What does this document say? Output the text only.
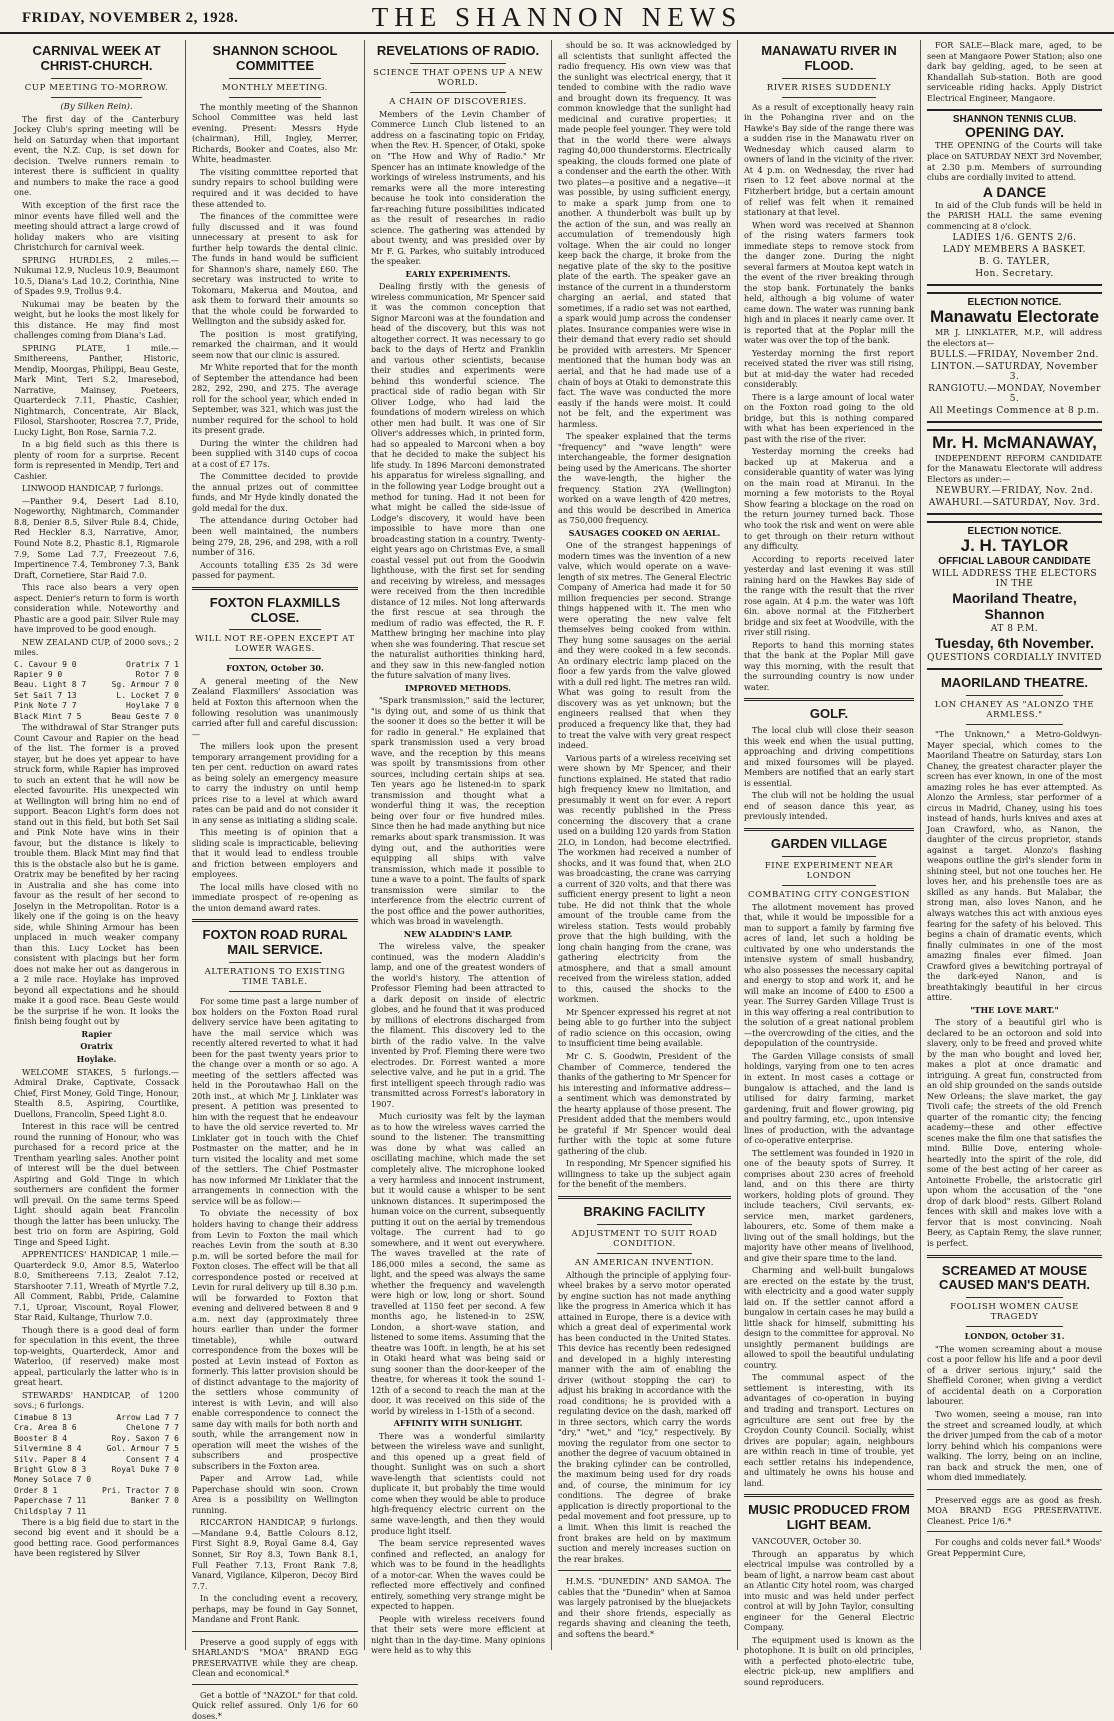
FRIDAY, NOVEMBER 2, 1928.	THE SHANNON NEWS
CARNIVAL WEEK AT CHRIST-CHURCH.
CUP MEETING TO-MORROW.
(By Silken Rein).
The first day of the Canterbury Jockey Club's spring meeting will be held on Saturday when that important event, the N.Z. Cup, is set down for decision. Twelve runners remain to interest there is sufficient in quality and numbers to make the race a good one.
With exception of the first race the minor events have filled well and the meeting should attract a large crowd of holiday makers who are visiting Christchurch for carnival week.
SPRING HURDLES, 2 miles.—Nukumai 12.9, Nucleus 10.9, Beaumont 10.5, Diana's Lad 10.2, Corinthia, Nine of Spades 9.9, Trollus 9.4.
Nukumai may be beaten by the weight, but he looks the most likely for this distance. He may find most challenges coming from Diana's Lad.
SPRING PLATE, 1 mile.—Smithereens, Panther, Historic, Mendip, Moorgas, Philippi, Beau Geste, Mark Mint, Teri S.2, Imaresebod, Narrative, Mainsey, Poeteers, Quarterdeck 7.11, Phastic, Cashier, Nightmarch, Concentrate, Air Black, Filosol, Starshooter, Roscrea 7.7, Pride, Lucky Light, Bon Rose, Sarnia 7.2.
In a big field such as this there is plenty of room for a surprise. Recent form is represented in Mendip, Teri and Cashier.
LINWOOD HANDICAP, 7 furlongs.
—Panther 9.4, Desert Lad 8.10, Nogeworthy, Nightmarch, Commander 8.8, Denier 8.5, Silver Rule 8.4, Chide, Red Heckler 8.3, Narrative, Amor, Found Note 8.2, Phastic 8.1, Rigmarole 7.9, Some Lad 7.7, Freezeout 7.6, Impertinence 7.4, Tembroney 7.3, Bank Draft, Cornetiere, Star Raid 7.0.
This race also bears a very open aspect. Denier's return to form is worth consideration while. Noteworthy and Phastic are a good pair. Silver Rule may have improved to be good enough.
NEW ZEALAND CUP, of 2000 sovs.; 2 miles.
C. Cavour 9 0	Oratrix 7 1
Rapier 9 0	Rotor 7 0
Beau. Light 8 7	Sg. Armour 7 0
Set Sail 7 13	L. Locket 7 0
Pink Note 7 7	Hoylake 7 0
Black Mint 7 5	Beau Geste 7 0
The withdrawal of Star Stranger puts Count Cavour and Rapier on the head of the list. The former is a proved stayer, but he does yet appear to have struck form, while Rapier has improved to such an extent that he will now be elected favourite. His unexpected win at Wellington will bring him no end of support. Beacon Light's form does not stand out in this field, but both Set Sail and Pink Note have wins in their favour, but the distance is likely to trouble them. Black Mint may find that this is the obstacle also but he is game. Oratrix may be benefited by her racing in Australia and she has come into favour as the result of her second to Joselyn in the Metropolitan. Rotor is a likely one if the going is on the heavy side, while Shining Armour has been unplaced in much weaker company than this. Lucy Locket has been consistent with placings but her form does not make her out as dangerous in a 2 mile race. Hoylake has improved beyond all expectations and he should make it a good race. Beau Geste would be the surprise if he won. It looks the finish being fought out by
Rapier
Oratrix
Hoylake.
WELCOME STAKES, 5 furlongs.—Admiral Drake, Captivate, Cossack Chief, First Money, Gold Tinge, Honour, Stealth 8.5, Aspiring, Courtlike, Duellons, Francolin, Speed Light 8.0.
Interest in this race will be centred round the running of Honour, who was purchased for a record price at the Trentham yearling sales. Another point of interest will be the duel between Aspiring and Gold Tinge in which southerners are confident the former will prevail. On the same terms Speed Light should again beat Francolin though the latter has been unlucky. The best trio on form are Aspiring, Gold Tinge and Speed Light.
APPRENTICES' HANDICAP, 1 mile.—Quarterdeck 9.0, Amor 8.5, Waterloo 8.0, Smithereens 7.13, Zealot 7.12, Starshooter 7.11, Wreath of Myrtle 7.2, All Comment, Rabbi, Pride, Calamine 7.1, Uproar, Viscount, Royal Flower, Star Raid, Kultange, Thurlow 7.0.
Though there is a good deal of form for speculation in this event, the three top-weights, Quarterdeck, Amor and Waterloo, (if reserved) make most appeal, particularly the latter who is in great heart.
STEWARDS' HANDICAP, of 1200 sovs.; 6 furlongs.
Cimabue 8 13	Arrow Lad 7 7
Cra. Area 8 6	Chelone 7 7
Booster 8 4	Roy. Saxon 7 6
Silvermine 8 4	Gol. Armour 7 5
Silv. Paper 8 4	Consent 7 4
Bright Glow 8 3	Royal Duke 7 0
Money Solace 7 0
Order 8 1	Pri. Tractor 7 0
Paperchase 7 11	Banker 7 0
Childsplay 7 11
There is a big field due to start in the second big event and it should be a good betting race. Good performances have been registered by Silver
SHANNON SCHOOL COMMITTEE
MONTHLY MEETING.
The monthly meeting of the Shannon School Committee was held last evening. Present: Messrs Hyde (chairman), Hill, Ingley, Merrer, Richards, Booker and Coates, also Mr. White, headmaster.
The visiting committee reported that sundry repairs to school building were required and it was decided to have these attended to.
The finances of the committee were fully discussed and it was found unnecessary at present to ask for further help towards the dental clinic. The funds in hand would be sufficient for Shannon's share, namely £60. The secretary was instructed to write to Tokomaru, Makerua and Moutoa, and ask them to forward their amounts so that the whole could be forwarded to Wellington and the subsidy asked for.
The position is most gratifying, remarked the chairman, and it would seem now that our clinic is assured.
Mr White reported that for the month of September the attendance had been 282, 292, 290, and 275. The average roll for the school year, which ended in September, was 321, which was just the number required for the school to hold its present grade.
During the winter the children had been supplied with 3140 cups of cocoa at a cost of £7 17s.
The Committee decided to provide the annual prizes out of committee funds, and Mr Hyde kindly donated the gold medal for the dux.
The attendance during October had been well maintained, the numbers being 279, 28, 296, and 298, with a roll number of 316.
Accounts totalling £35 2s 3d were passed for payment.
FOXTON FLAXMILLS CLOSE.
WILL NOT RE-OPEN EXCEPT AT LOWER WAGES.
FOXTON, October 30.
A general meeting of the New Zealand Flaxmillers' Association was held at Foxton this afternoon when the following resolution was unanimously carried after full and careful discussion:—
The millers look upon the present temporary arrangement providing for a ten per cent. reduction on award rates as being solely an emergency measure to carry the industry on until hemp prices rise to a level at which award rates can be paid and do not consider it in any sense as initiating a sliding scale.
This meeting is of opinion that a sliding scale is impracticable, believing that it would lead to endless trouble and friction between employers and employees.
The local mills have closed with no immediate prospect of re-opening as the union demand award rates.
FOXTON ROAD RURAL MAIL SERVICE.
ALTERATIONS TO EXISTING TIME TABLE.
For some time past a large number of box holders on the Foxton Road rural delivery service have been agitating to have the mail service which was recently altered reverted to what it had been for the past twenty years prior to the change over a month or so ago. A meeting of the settlers affected was held in the Poroutawhao Hall on the 20th inst., at which Mr J. Linklater was present. A petition was presented to him with the request that he endeavour to have the old service reverted to. Mr Linklater got in touch with the Chief Postmaster on the matter, and he in turn visited the locality and met some of the settlers. The Chief Postmaster has now informed Mr Linklater that the arrangements in connection with the service will be as follow:—
To obviate the necessity of box holders having to change their address from Levin to Foxton the mail which reaches Levin from the south at 8.30 p.m. will be sorted before the mail for Foxton closes. The effect will be that all correspondence posted or received at Levin for rural delivery up till 8.30 p.m. will be forwarded to Foxton that evening and delivered between 8 and 9 a.m. next day (approximately three hours earlier than under the former timetable), while outward correspondence from the boxes will be posted at Levin instead of Foxton as formerly. This latter provision should be of distinct advantage to the majority of the settlers whose community of interest is with Levin, and will also enable correspondence to connect the same day with mails for both north and south, while the arrangement now in operation will meet the wishes of the subscribers and prospective subscribers in the Foxton area.
Paper and Arrow Lad, while Paperchase should win soon. Crown Area is a possibility on Wellington running.
RICCARTON HANDICAP, 9 furlongs.—Mandane 9.4, Battle Colours 8.12, First Sight 8.9, Royal Game 8.4, Gay Sonnet, Sir Roy 8.3, Town Bank 8.1, Full Feather 7.13, Front Rank 7.8, Vanard, Vigilance, Kilperon, Decoy Bird 7.7.
In the concluding event a recovery, perhaps, may be found in Gay Sonnet, Mandane and Front Rank.
Preserve a good supply of eggs with SHARLAND'S "MOA" BRAND EGG PRESERVATIVE while they are cheap. Clean and economical.*
Get a bottle of "NAZOL" for that cold. Quick relief assured. Only 1/6 for 60 doses.*
REVELATIONS OF RADIO.
SCIENCE THAT OPENS UP A NEW WORLD.
A CHAIN OF DISCOVERIES.
Members of the Levin Chamber of Commerce Lunch Club listened to an address on a fascinating topic on Friday, when the Rev. H. Spencer, of Otaki, spoke on "The How and Why of Radio." Mr Spencer has an intimate knowledge of the workings of wireless instruments, and his remarks were all the more interesting because he took into consideration the far-reaching future possibilities indicated as the result of researches in radio science. The gathering was attended by about twenty, and was presided over by Mr F. G. Parkes, who suitably introduced the speaker.
EARLY EXPERIMENTS.
Dealing firstly with the genesis of wireless communication, Mr Spencer said it was the common conception that Signor Marconi was at the foundation and head of the discovery, but this was not altogether correct. It was necessary to go back to the days of Hertz and Franklin and various other scientists, because their studies and experiments were behind this wonderful science. The practical side of radio began with Sir Oliver Lodge, who had laid the foundations of modern wireless on which other men had built. It was one of Sir Oliver's addresses which, in printed form, had so appealed to Marconi when a boy that he decided to make the subject his life study. In 1896 Marconi demonstrated his apparatus for wireless signalling, and in the following year Lodge brought out a method for tuning. Had it not been for what might be called the side-issue of Lodge's discovery, it would have been impossible to have more than one broadcasting station in a country. Twenty-eight years ago on Christmas Eve, a small coastal vessel put out from the Goodwin lighthouse, with the first set for sending and receiving by wireless, and messages were received from the then incredible distance of 12 miles. Not long afterwards the first rescue at sea through the medium of radio was effected, the R. F. Matthew bringing her machine into play when she was foundering. That rescue set the naturalist authorities thinking hard, and they saw in this new-fangled notion the future salvation of many lives.
IMPROVED METHODS.
"Spark transmission," said the lecturer, "is dying out, and some of us think that the sooner it does so the better it will be for radio in general." He explained that spark transmission used a very broad wave, and the reception by this means was spoilt by transmissions from other sources, including certain ships at sea. Ten years ago he listened-in to spark transmission and thought what a wonderful thing it was, the reception being over four or five hundred miles. Since then he had made anything but nice remarks about spark transmission. It was dying out, and the authorities were equipping all ships with valve transmission, which made it possible to tune a wave to a point. The faults of spark transmission were similar to the interference from the electric current of the post office and the power authorities, which was broad in wavelength.
NEW ALADDIN'S LAMP.
The wireless valve, the speaker continued, was the modern Aladdin's lamp, and one of the greatest wonders of the world's history. The attention of Professor Fleming had been attracted to a dark deposit on inside of electric globes, and he found that it was produced by millions of electrons discharged from the filament. This discovery led to the birth of the radio valve. In the valve invented by Prof. Fleming there were two electrodes. Dr. Forrest wanted a more selective valve, and he put in a grid. The first intelligent speech through radio was transmitted across Forrest's laboratory in 1907.
Much curiosity was felt by the layman as to how the wireless waves carried the sound to the listener. The transmitting was done by what was called an oscillating machine, which made the set completely alive. The microphone looked a very harmless and innocent instrument, but it would cause a whisper to be sent unknown distances. It superimposed the human voice on the current, subsequently putting it out on the aerial by tremendous voltage. The current had to go somewhere, and it went out everywhere. The waves travelled at the rate of 186,000 miles a second, the same as light, and the speed was always the same whether the frequency and wavelength were high or low, long or short. Sound travelled at 1150 feet per second. A few months ago, he listened-in to 2SW, London, a short-wave station, and listened to some items. Assuming that the theatre was 100ft. in length, he at his set in Otaki heard what was being said or sung sooner than the door-keeper of the theatre, for whereas it took the sound 1-12th of a second to reach the man at the door, it was received on this side of the world by wireless in 1-15th of a second.
AFFINITY WITH SUNLIGHT.
There was a wonderful similarity between the wireless wave and sunlight, and this opened up a great field of thought. Sunlight was on such a short wave-length that scientists could not duplicate it, but probably the time would come when they would be able to produce high-frequency electric current on the same wave-length, and then they would produce light itself.
The beam service represented waves confined and reflected, an analogy for which was to be found in the headlights of a motor-car. When the waves could be reflected more effectively and confined entirely, something very strange might be expected to happen.
People with wireless receivers found that their sets were more efficient at night than in the day-time. Many opinions were held as to why this
should be so. It was acknowledged by all scientists that sunlight affected the radio frequency. His own view was that the sunlight was electrical energy, that it tended to combine with the radio wave and brought down its frequency. It was common knowledge that the sunlight had medicinal and curative properties; it made people feel younger. They were told that in the world there were always raging 40,000 thunderstorms. Electrically speaking, the clouds formed one plate of a condenser and the earth the other. With two plates—a positive and a negative—it was possible, by using sufficient energy, to make a spark jump from one to another. A thunderbolt was built up by the action of the sun, and was really an accumulation of tremendously high voltage. When the air could no longer keep back the charge, it broke from the negative plate of the sky to the positive plate of the earth. The speaker gave an instance of the current in a thunderstorm charging an aerial, and stated that sometimes, if a radio set was not earthed, a spark would jump across the condenser plates. Insurance companies were wise in their demand that every radio set should be provided with arresters. Mr Spencer mentioned that the human body was an aerial, and that he had made use of a chain of boys at Otaki to demonstrate this fact. The wave was conducted the more easily if the hands were moist. It could not be felt, and the experiment was harmless.
The speaker explained that the terms "frequency" and "wave length" were interchangeable, the former designation being used by the Americans. The shorter the wave-length, the higher the frequency. Station 2YA (Wellington) worked on a wave length of 420 metres, and this would be described in America as 750,000 frequency.
SAUSAGES COOKED ON AERIAL.
One of the strangest happenings of modern times was the invention of a new valve, which would operate on a wave-length of six metres. The General Electric Company of America had made it for 50 million frequencies per second. Strange things happened with it. The men who were operating the new valve felt themselves being cooked from within. They hung some sausages on the aerial and they were cooked in a few seconds. An ordinary electric lamp placed on the floor a few yards from the valve glowed with a dull red light. The metres ran wild. What was going to result from the discovery was as yet unknown; but the engineers realised that when they produced a frequency like that, they had to treat the valve with very great respect indeed.
Various parts of a wireless receiving set were shown by Mr Spencer, and their functions explained. He stated that radio high frequency knew no limitation, and presumably it went on for ever. A report was recently published in the Press concerning the discovery that a crane used on a building 120 yards from Station 2LO, in London, had become electrified. The workmen had received a number of shocks, and it was found that, when 2LO was broadcasting, the crane was carrying a current of 320 volts, and that there was sufficient energy present to light a neon tube. He did not think that the whole amount of the trouble came from the wireless station. Tests would probably prove that the high building, with the long chain hanging from the crane, was gathering electricity from the atmosphere, and that a small amount received from the wireless station, added to this, caused the shocks to the workmen.
Mr Spencer expressed his regret at not being able to go further into the subject of radio science on this occasion, owing to insufficient time being available.
Mr C. S. Goodwin, President of the Chamber of Commerce, tendered the thanks of the gathering to Mr Spencer for his interesting and informative address—a sentiment which was demonstrated by the hearty applause of those present. The President added that the members would be grateful if Mr Spencer would deal further with the topic at some future gathering of the club.
In responding, Mr Spencer signified his willingness to take up the subject again for the benefit of the members.
BRAKING FACILITY
ADJUSTMENT TO SUIT ROAD CONDITION.
AN AMERICAN INVENTION.
Although the principle of applying four-wheel brakes by a servo motor operated by engine suction has not made anything like the progress in America which it has attained in Europe, there is a device with which a great deal of experimental work has been conducted in the United States. This device has recently been redesigned and developed in a highly interesting manner with the aim of enabling the driver (without stopping the car) to adjust his braking in accordance with the road conditions; he is provided with a regulating device on the dash, marked off in three sectors, which carry the words "dry," "wet," and "icy," respectively. By moving the regulator from one sector to another the degree of vacuum obtained in the braking cylinder can be controlled, the maximum being used for dry roads and, of course, the minimum for icy conditions. The degree of brake application is directly proportional to the pedal movement and foot pressure, up to a limit. When this limit is reached the front brakes are held on by maximum suction and merely increases suction on the rear brakes.
H.M.S. "DUNEDIN" AND SAMOA. The cables that the "Dunedin" when at Samoa was largely patronised by the bluejackets and their shore friends, especially as regards shaving and cleaning the teeth, and softens the beard.*
MANAWATU RIVER IN FLOOD.
RIVER RISES SUDDENLY
As a result of exceptionally heavy rain in the Pohangina river and on the Hawke's Bay side of the range there was a sudden rise in the Manawatu river on Wednesday which caused alarm to owners of land in the vicinity of the river. At 4 p.m. on Wednesday, the river had risen to 12 feet above normal at the Fitzherbert bridge, but a certain amount of relief was felt when it remained stationary at that level.
When word was received at Shannon of the rising waters farmers took immediate steps to remove stock from the danger zone. During the night several farmers at Moutoa kept watch in the event of the river breaking through the stop bank. Fortunately the banks held, although a big volume of water came down. The water was running bank high and in places it nearly came over. It is reported that at the Poplar mill the water was over the top of the bank.
Yesterday morning the first report received stated the river was still rising, but at mid-day the water had receded considerably.
There is a large amount of local water on the Foxton road going to the old bridge, but this is nothing compared with what has been experienced in the past with the rise of the river.
Yesterday morning the creeks had backed up at Makerua and a considerable quantity of water was lying on the main road at Miranui. In the morning a few motorists to the Royal Show fearing a blockage on the road on the return journey turned back. Those who took the risk and went on were able to get through on their return without any difficulty.
According to reports received later yesterday and last evening it was still raining hard on the Hawkes Bay side of the range with the result that the river rose again. At 4 p.m. the water was 10ft 6in. above normal at the Fitzherbert bridge and six feet at Woodville, with the river still rising.
Reports to hand this morning states that the bank at the Poplar Mill gave way this morning, with the result that the surrounding country is now under water.
GOLF.
The local club will close their season this week end when the usual putting, approaching and driving competitions and mixed foursomes will be played. Members are notified that an early start is essential.
The club will not be holding the usual end of season dance this year, as previously intended.
GARDEN VILLAGE
FINE EXPERIMENT NEAR LONDON
COMBATING CITY CONGESTION
The allotment movement has proved that, while it would be impossible for a man to support a family by farming five acres of land, let such a holding be cultivated by one who understands the intensive system of small husbandry, who also possesses the necessary capital and energy to stop and work it, and he will make an income of £400 to £500 a year. The Surrey Garden Village Trust is in this way offering a real contribution to the solution of a great national problem—the overcrowding of the cities, and the depopulation of the countryside.
The Garden Village consists of small holdings, varying from one to ten acres in extent. In most cases a cottage or bungalow is attached, and the land is utilised for dairy farming, market gardening, fruit and flower growing, pig and poultry farming, etc., upon intensive lines of production, with the advantage of co-operative enterprise.
The settlement was founded in 1920 in one of the beauty spots of Surrey. It comprises about 230 acres of freehold land, and on this there are thirty workers, holding plots of ground. They include teachers, Civil servants, ex-service men, market gardeners, labourers, etc. Some of them make a living out of the small holdings, but the majority have other means of livelihood, and give their spare time to the land.
Charming and well-built bungalows are erected on the estate by the trust, with electricity and a good water supply laid on. If the settler cannot afford a bungalow in certain cases he may build a little shack for himself, submitting his design to the committee for approval. No unsightly permanent buildings are allowed to spoil the beautiful undulating country.
The communal aspect of the settlement is interesting, with its advantages of co-operation in buying and trading and transport. Lectures on agriculture are sent out free by the Croydon County Council. Socially, whist drives are popular; again, neighbours are within reach in time of trouble, yet each settler retains his independence, and ultimately he owns his house and land.
MUSIC PRODUCED FROM LIGHT BEAM.
VANCOUVER, October 30.
Through an apparatus by which electrical impulse was controlled by a beam of light, a narrow beam cast about an Atlantic City hotel room, was charged into music and was held under perfect control at will by John Taylor, consulting engineer for the General Electric Company.
The equipment used is known as the photophone. It is built on old principles, with a perfected photo-electric tube, electric pick-up, new amplifiers and sound reproducers.
FOR SALE—Black mare, aged, to be seen at Mangaore Power Station; also one dark bay gelding, aged, to be seen at Khandallah Sub-station. Both are good serviceable riding hacks. Apply District Electrical Engineer, Mangaore.
SHANNON TENNIS CLUB.
OPENING DAY.
THE OPENING of the Courts will take place on SATURDAY NEXT 3rd November, at 2.30 p.m. Members of surrounding clubs are cordially invited to attend.
A DANCE
In aid of the Club funds will be held in the PARISH HALL the same evening commencing at 8 o'clock.
LADIES 1/6. GENTS 2/6.
LADY MEMBERS A BASKET.
B. G. TAYLER,
Hon. Secretary.
ELECTION NOTICE.
Manawatu Electorate
MR J. LINKLATER, M.P., will address the electors at—
BULLS.—FRIDAY, November 2nd.
LINTON.—SATURDAY, November 3.
RANGIOTU.—MONDAY, November 5.
All Meetings Commence at 8 p.m.
Mr. H. McMANAWAY,
INDEPENDENT REFORM CANDIDATE for the Manawatu Electorate will address Electors as under:—
NEWBURY.—FRIDAY, Nov. 2nd.
AWAHURI.—SATURDAY, Nov. 3rd.
ELECTION NOTICE.
J. H. TAYLOR
OFFICIAL LABOUR CANDIDATE
WILL ADDRESS THE ELECTORS IN THE
Maoriland Theatre, Shannon
AT 8 P.M.
Tuesday, 6th November.
QUESTIONS CORDIALLY INVITED
MAORILAND THEATRE.
LON CHANEY AS "ALONZO THE ARMLESS."
"The Unknown," a Metro-Goldwyn-Mayer special, which comes to the Maoriland Theatre on Saturday, stars Lon Chaney, the greatest character player the screen has ever known, in one of the most amazing roles he has ever attempted. As Alonzo the Armless, star performer of a circus in Madrid, Chaney, using his toes instead of hands, hurls knives and axes at Joan Crawford, who, as Nanon, the daughter of the circus proprietor, stands against a target. Alonzo's flashing weapons outline the girl's slender form in shining steel, but not one touches her. He loves her, and his prehensile toes are as skilled as any hands. But Malabar, the strong man, also loves Nanon, and he always watches this act with anxious eyes fearing for the safety of his beloved. This begins a chain of dramatic events, which finally culminates in one of the most amazing finales ever filmed. Joan Crawford gives a bewitching portrayal of the dark-eyed Nanon, and is breathtakingly beautiful in her circus attire.
"THE LOVE MART."
The story of a beautiful girl who is declared to be an octoroon and sold into slavery, only to be freed and proved white by the man who bought and loved her, makes a plot at once dramatic and intriguing. A great fun, constructed from an old ship grounded on the sands outside New Orleans; the slave market, the gay Tivoli cafe; the streets of the old French quarter of the romantic city; the fencing academy—these and other effective scenes make the film one that satisfies the mind. Billie Dove, entering whole-heartedly into the spirit of the role, did some of the best acting of her career as Antoinette Frobelle, the aristocratic girl upon whom the accusation of the "one drop of dark blood" rests. Gilbert Roland fences with skill and makes love with a fervor that is most convincing. Noah Beery, as Captain Remy, the slave runner, is perfect.
SCREAMED AT MOUSE CAUSED MAN'S DEATH.
FOOLISH WOMEN CAUSE TRAGEDY
LONDON, October 31.
"The women screaming about a mouse cost a poor fellow his life and a poor devil of a driver serious injury," said the Sheffield Coroner, when giving a verdict of accidental death on a Corporation labourer.
Two women, seeing a mouse, ran into the street and screamed loudly, at which the driver jumped from the cab of a motor lorry behind which his companions were walking. The lorry, being on an incline, ran back and struck the men, one of whom died immediately.
Preserved eggs are as good as fresh. MOA BRAND EGG PRESERVATIVE. Cleanest. Price 1/6.*
For coughs and colds never fail.* Woods' Great Peppermint Cure,
